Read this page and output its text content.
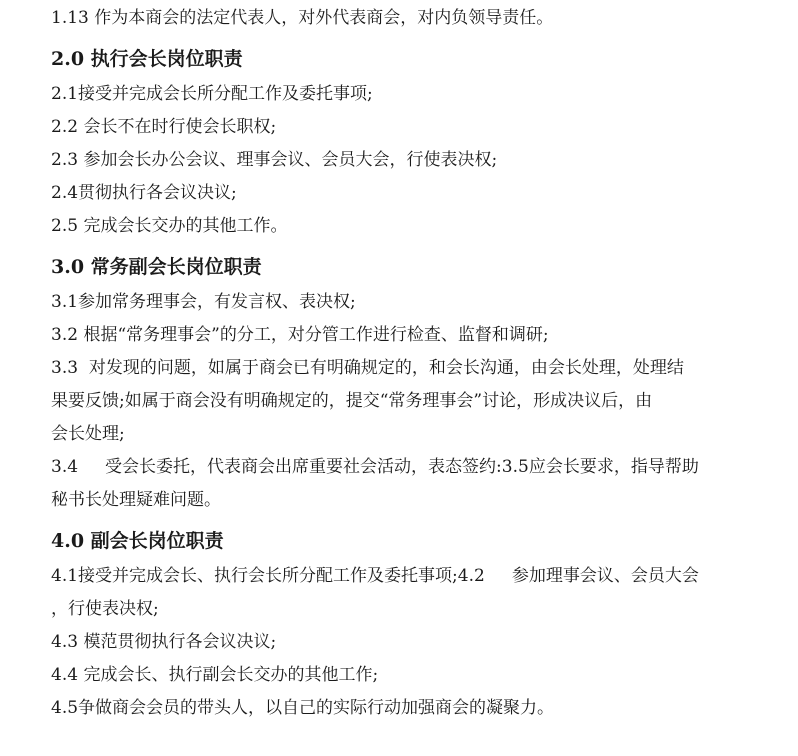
1.13 作为本商会的法定代表人，对外代表商会，对内负领导责任。

2.0 执行会长岗位职责

2.1接受并完成会长所分配工作及委托事项;

2.2 会长不在时行使会长职权;

2.3 参加会长办公会议、理事会议、会员大会，行使表决权;

2.4贯彻执行各会议决议;

2.5 完成会长交办的其他工作。

3.0 常务副会长岗位职责

3.1参加常务理事会，有发言权、表决权;

3.2 根据“常务理事会”的分工，对分管工作进行检查、监督和调研;

3.3  对发现的问题，如属于商会已有明确规定的，和会长沟通，由会长处理，处理结

果要反馈;如属于商会没有明确规定的，提交“常务理事会”讨论，形成决议后，由

会长处理;

3.4     受会长委托，代表商会出席重要社会活动，表态签约:3.5应会长要求，指导帮助

秘书长处理疑难问题。

4.0 副会长岗位职责

4.1接受并完成会长、执行会长所分配工作及委托事项;4.2     参加理事会议、会员大会

，行使表决权;

4.3 模范贯彻执行各会议决议;

4.4 完成会长、执行副会长交办的其他工作;

4.5争做商会会员的带头人，以自己的实际行动加强商会的凝聚力。
